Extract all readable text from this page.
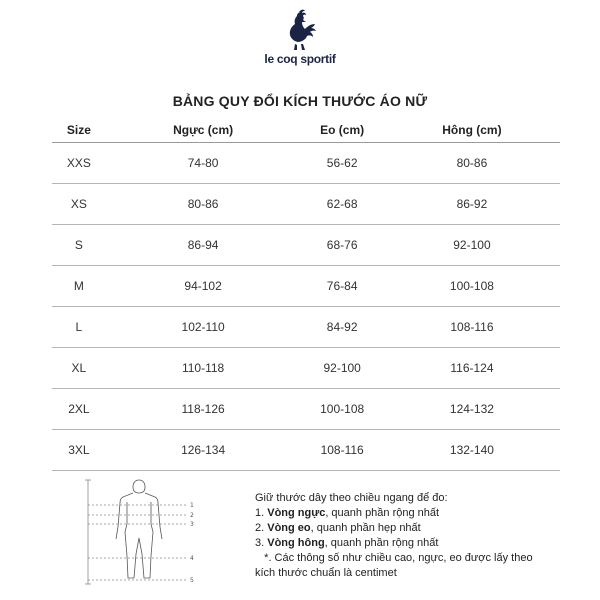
le coq sportif
BẢNG QUY ĐỔI KÍCH THƯỚC ÁO NỮ
Size	Ngực (cm)	Eo (cm)	Hông (cm)
XXS	74-80	56-62	80-86
XS	80-86	62-68	86-92
S	86-94	68-76	92-100
M	94-102	76-84	100-108
L	102-110	84-92	108-116
XL	110-118	92-100	116-124
2XL	118-126	100-108	124-132
3XL	126-134	108-116	132-140
1
2
3
4
5
Giữ thước dây theo chiều ngang để đo:
1. Vòng ngực, quanh phần rộng nhất
2. Vòng eo, quanh phần hẹp nhất
3. Vòng hông, quanh phần rộng nhất
*. Các thông số như chiều cao, ngực, eo được lấy theo
kích thước chuẩn là centimet
